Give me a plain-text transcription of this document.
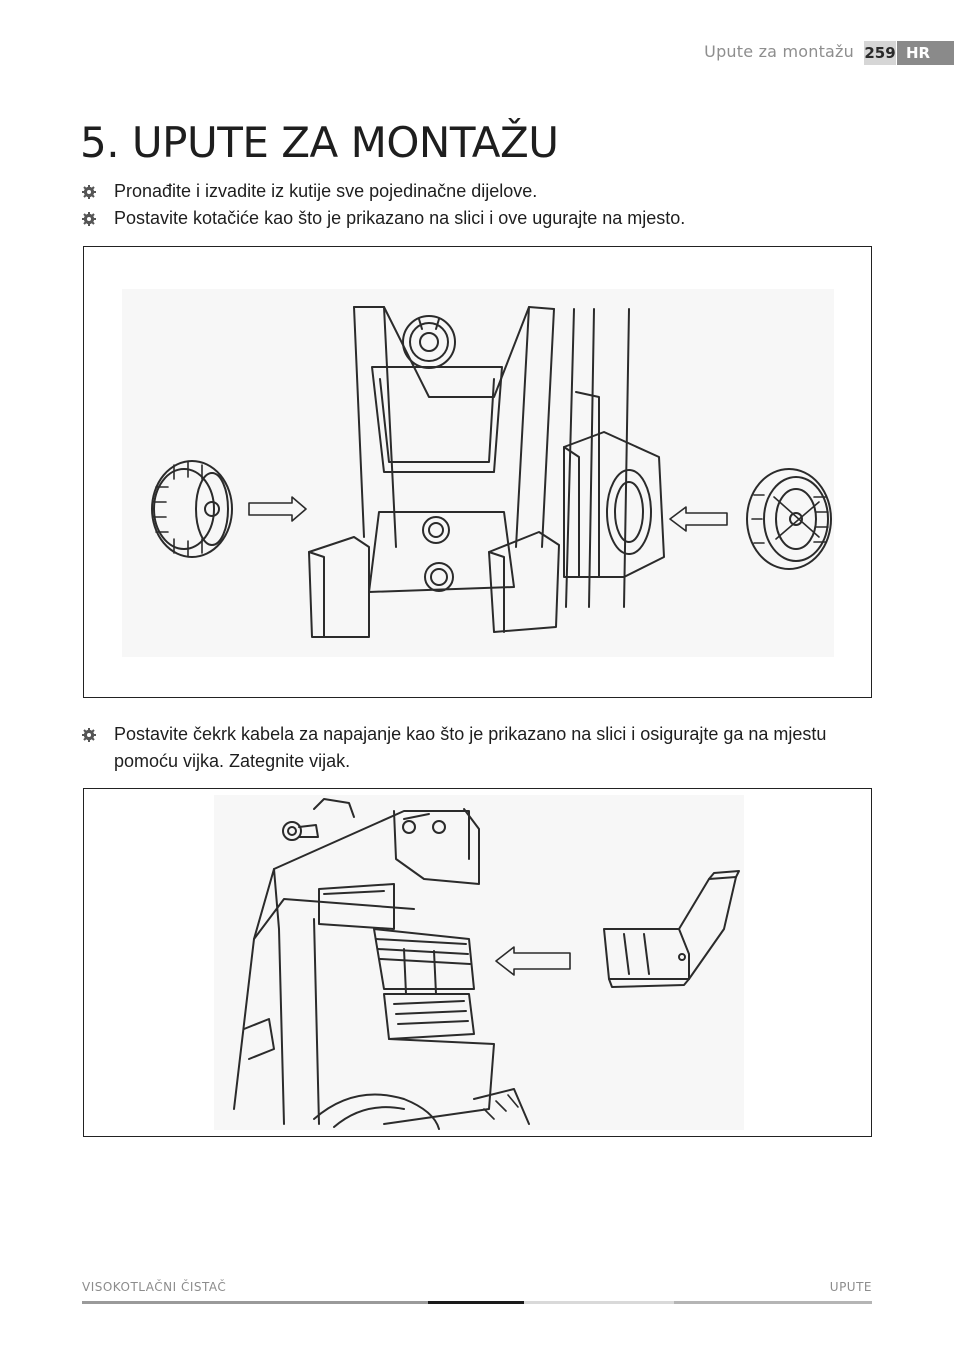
Upute za montažu 259 HR
5. UPUTE ZA MONTAŽU
Pronađite i izvadite iz kutije sve pojedinačne dijelove.
Postavite kotačiće kao što je prikazano na slici i ove ugurajte na mjesto.
Postavite čekrk kabela za napajanje kao što je prikazano na slici i osigurajte ga na mjestu pomoću vijka. Zategnite vijak.
VISOKOTLAČNI ČISTAČ	UPUTE
